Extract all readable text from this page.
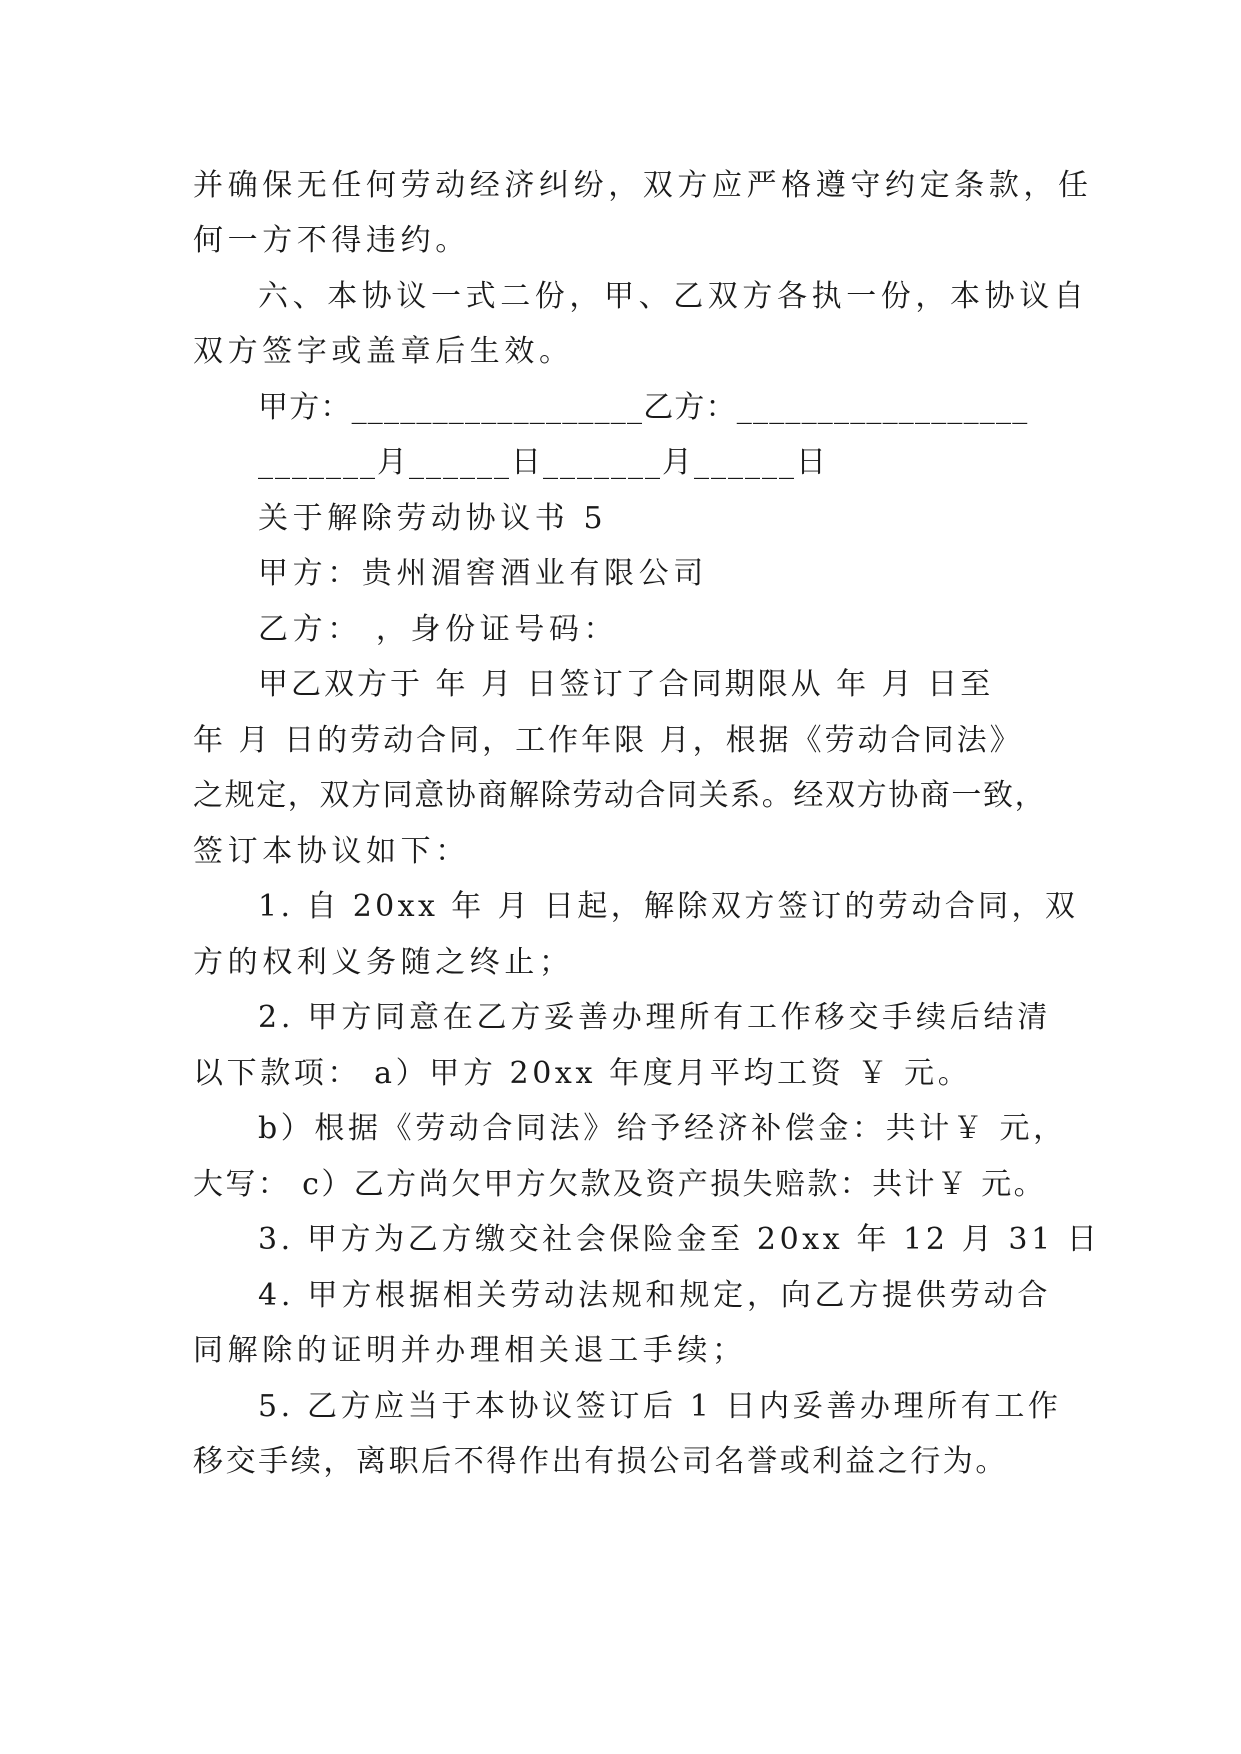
并确保无任何劳动经济纠纷，双方应严格遵守约定条款，任
何一方不得违约。
六、本协议一式二份，甲、乙双方各执一份，本协议自
双方签字或盖章后生效。
甲方：__________________乙方：__________________
_______月______日_______月______日
关于解除劳动协议书 5
甲方：贵州湄窖酒业有限公司
乙方： ，身份证号码：
甲乙双方于 年 月 日签订了合同期限从 年 月 日至
年 月 日的劳动合同，工作年限 月，根据《劳动合同法》
之规定，双方同意协商解除劳动合同关系。经双方协商一致，
签订本协议如下：
1. 自 20xx 年 月 日起，解除双方签订的劳动合同，双
方的权利义务随之终止；
2. 甲方同意在乙方妥善办理所有工作移交手续后结清
以下款项： a）甲方 20xx 年度月平均工资 ￥ 元。
b）根据《劳动合同法》给予经济补偿金：共计￥ 元，
大写： c）乙方尚欠甲方欠款及资产损失赔款：共计￥ 元。
3. 甲方为乙方缴交社会保险金至 20xx 年 12 月 31 日
4. 甲方根据相关劳动法规和规定，向乙方提供劳动合
同解除的证明并办理相关退工手续；
5. 乙方应当于本协议签订后 1 日内妥善办理所有工作
移交手续，离职后不得作出有损公司名誉或利益之行为。
